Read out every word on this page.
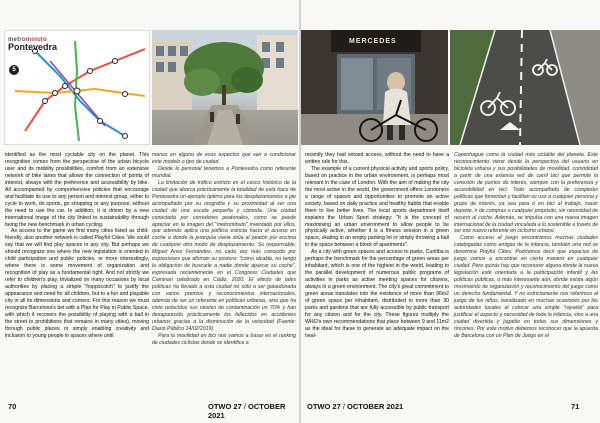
metrominuto
Pontevedra
5

identified as the most cyclable city on the planet. This recognition comes from the perspective of the urban bicycle user and its mobility possibilities, comfort from an extensive network of bike lanes that allows the connection of points of interest, always with the preference and accessibility by bike. All accompanied by comprehensive policies that encourage and facilitate its use to any person and interest group, either to cycle to work, do sports, go shopping or any purpose, without the need to use the car. In addition, it is driven by a new international image of the city linked to sustainability through being the new benchmark in urban cycling.

As access to the game we find many cities listed as child-friendly, also another network is called Playful Cities. We could say that we will find play spaces in any city. But perhaps we should recognize one where the new legislation is oriented to child participation and public policies, or more interestingly, where there is some movement of organization and recognition of play as a fundamental right. And not strictly we refer to children's play, trivialized on many occasions by local authorities by placing a simple "hoppscotch" to justify the appearance and need for all children, but to a fun and playable city in all its dimensions and corners. For this reason we must recognize Barcelona's bet with a Plan for Play in Public Space, with which it recovers the possibility of playing with a ball in the street to prohibitions that remains in many cities), moving through public places or simply enabling creativity and inclusion to young people in spaces where until

menos en alguno de esos aspectos que van a condicionar este modelo o tipo de ciudad.

Desde lo personal tenemos a Pontevedra como referente mundial.

La limitación de tráfico extricto en el casco histórico de la ciudad que abarca prácticamente la totalidad de esta hace de Pontevedra un ejemplo óptimo para los desplazamientos a pie acompañado por su orografía y su proximidad al ser una ciudad de una escala pequeña y cómoda. Una ciudad conectada por corredores peatonales, como se puede apreciar en la imagen del "metrominuto" inventado por ellos, que además aplica una política estricta hacia el acceso en coche a donde la jerarquía viaria sitúa al peatón por encima de cualquier otro modo de desplazamiento. Su responsable, Miguel Anxo Fernández, no cada vez más conocido por expresiones que afirman su postura: "como alcalde, no tengo la obligación de buscarle a nadie donde aparcar su coche", expresada recientemente en el Congreso Ciudades que Caminan celebrado en Cádiz, 2020. El efecto de tales políticas ha llevado a esta ciudad no sólo a ser galardonada con varios premios y reconocimientos internacionales, además de ser un referente en políticas urbanas, sino que ha visto reducidos sus niveles de contaminación un 70% y han desaparecido prácticamente los fallecidos en accidentes urbanos gracias a la disminución de la velocidad (Fuente: Diario Público 14/02/2019)

Para la movilidad en bici nos vamos a basar en el ranking de ciudades ciclistas donde se identifica a

70	OTWO 27 / OCTOBER 2021
MERCEDES

recently they had vetoed access, without the need to have a written rule for this.

The example of a current physical activity and sports policy, based on practice in the urban environment, is perhaps most relevant in the case of London. With the aim of making the city the most active in the world, the government offers Londoners a range of spaces and opportunities to promote an active society, based on daily practice and healthy habits that enable them to live better lives. The local sports department itself explains the Urban Sport strategy: "It is the concept of maximising an urban environment to allow people to be physically active, whether it is a fitness session in a green space, skating in an empty parking lot or simply throwing a ball in the space between a block of apartments".

As a city with green spaces and access to parks, Curitiba is perhaps the benchmark for the percentage of green areas per inhabitant, which is one of the highest in the world, leading to the parallel development of numerous public programs of activities in parks as active meeting spaces for citizens, always in a green environment. The city's great commitment to green areas translates into the existence of more than 96m2 of green space per inhabitant, distributed in more than 30 parks and gardens that are fully accessible by public transport for any citizen and for the city. These figures multiply the WHO's own recommendations that place between 9 and 11m2 as the ideal for these to generate an adequate impact on the heal-

Copenhague como la ciudad más ciclable del planeta. Este reconocimiento viene desde la perspectiva del usuario en bicicleta urbana y sus posibilidades de movilidad, comodidad a partir de una extensa red de carril bici que permite la conexión de puntos de interés, siempre con la preferencia y accesibilidad en bici. Todo acompañado de completas políticas que fomentan y facilitan su uso a cualquier persona y grupo de interés, ya sea para ir en bici al trabajo, hacer deporte, ir de compras o cualquier propósito, sin necesidad de recurrir al coche. Además, se impulsa con una nueva imagen internacional de la ciudad vinculada a lo sostenible a través de ser ese nuevo referente en ciclismo urbano.

Como acceso al juego encontramos muchas ciudades catalogadas como amigas de la infancia, también otra red se denomina Playful Cities. Podríamos decir que espacios de juego vamos a encontrar en cierta manera en cualquier ciudad. Pero quizás hay que reconocer alguna donde la nueva legislación esté orientada a la participación infantil y las políticas públicas, o más interesante aún, donde exista algún movimiento de organización y reconocimiento del juego como un derecho fundamental. Y no estrictamente nos referimos al juego de los niños, banalizado en muchas ocasiones por las autoridades locales al colocar una simple "rayuela" para justificar el aspecto y necesidad de toda la infancia, sino a una ciudad divertida y jugable en todas sus dimensiones y rincones. Por este motivo debemos reconocer que la apuesta de Barcelona con un Plan de Juego en el

OTWO 27 / OCTOBER 2021	71
